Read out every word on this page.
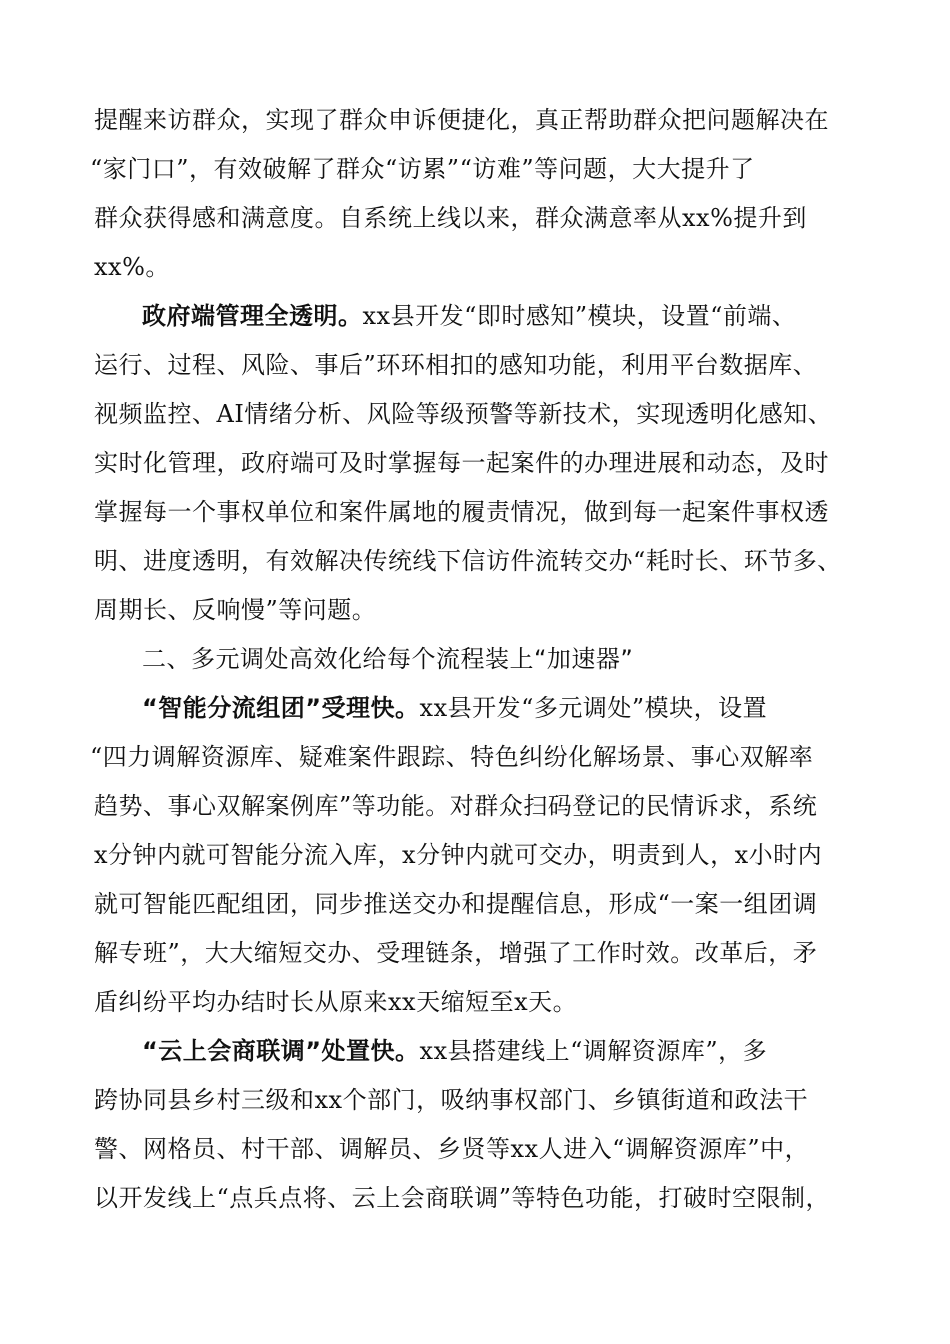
提醒来访群众，实现了群众申诉便捷化，真正帮助群众把问题解决在
“家门口”，有效破解了群众“访累”“访难”等问题，大大提升了
群众获得感和满意度。自系统上线以来，群众满意率从xx%提升到
xx%。
政府端管理全透明。xx县开发“即时感知”模块，设置“前端、
运行、过程、风险、事后”环环相扣的感知功能，利用平台数据库、
视频监控、AI情绪分析、风险等级预警等新技术，实现透明化感知、
实时化管理，政府端可及时掌握每一起案件的办理进展和动态，及时
掌握每一个事权单位和案件属地的履责情况，做到每一起案件事权透
明、进度透明，有效解决传统线下信访件流转交办“耗时长、环节多、
周期长、反响慢”等问题。
二、多元调处高效化给每个流程装上“加速器”
“智能分流组团”受理快。xx县开发“多元调处”模块，设置
“四力调解资源库、疑难案件跟踪、特色纠纷化解场景、事心双解率
趋势、事心双解案例库”等功能。对群众扫码登记的民情诉求，系统
x分钟内就可智能分流入库，x分钟内就可交办，明责到人，x小时内
就可智能匹配组团，同步推送交办和提醒信息，形成“一案一组团调
解专班”，大大缩短交办、受理链条，增强了工作时效。改革后，矛
盾纠纷平均办结时长从原来xx天缩短至x天。
“云上会商联调”处置快。xx县搭建线上“调解资源库”，多
跨协同县乡村三级和xx个部门，吸纳事权部门、乡镇街道和政法干
警、网格员、村干部、调解员、乡贤等xx人进入“调解资源库”中，
以开发线上“点兵点将、云上会商联调”等特色功能，打破时空限制，
